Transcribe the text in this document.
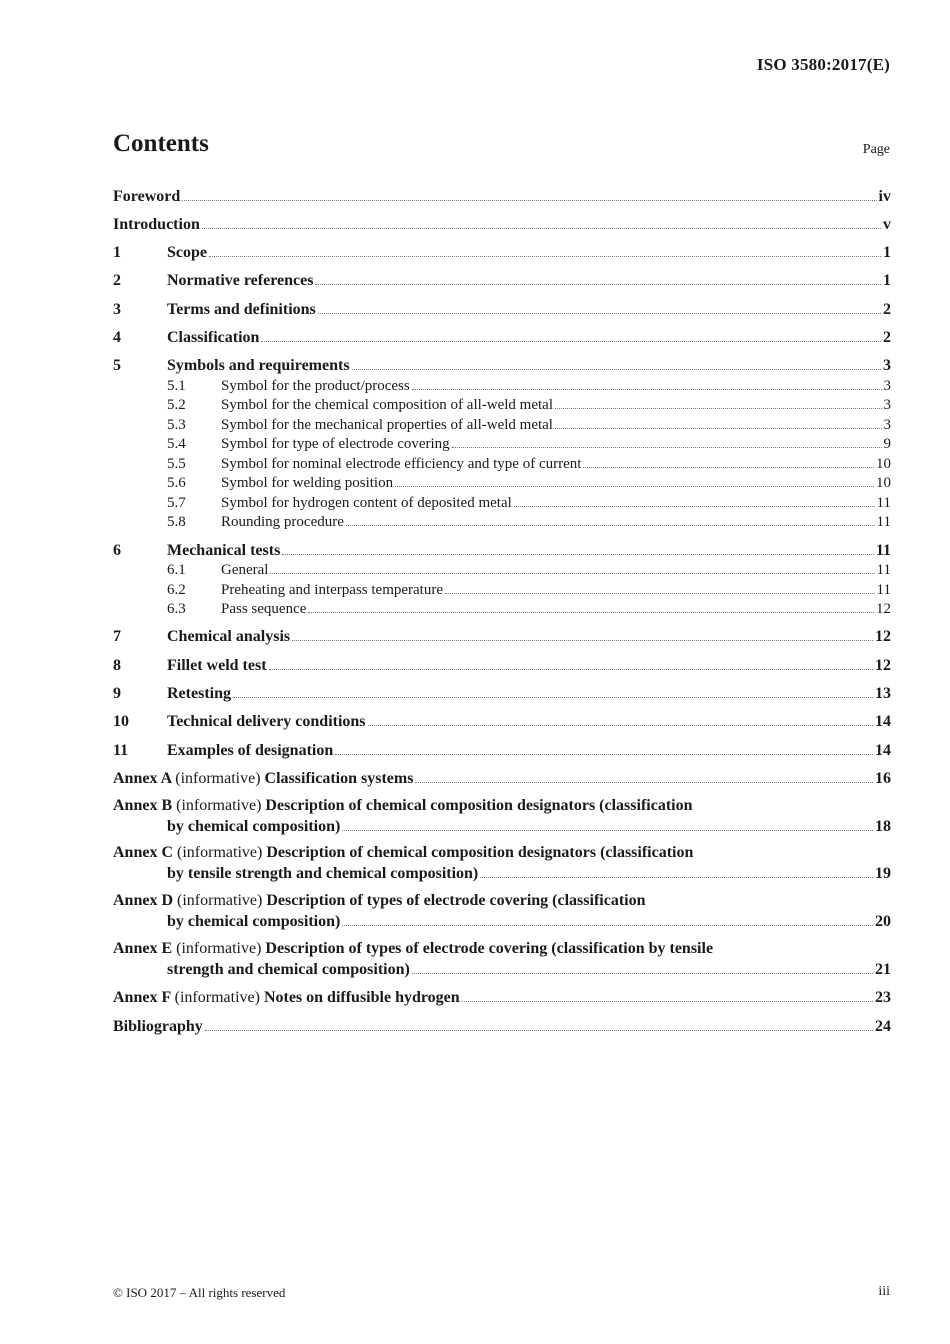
ISO 3580:2017(E)
Contents	Page
Foreword	iv
Introduction	v
1	Scope	1
2	Normative references	1
3	Terms and definitions	2
4	Classification	2
5	Symbols and requirements	3
5.1	Symbol for the product/process	3
5.2	Symbol for the chemical composition of all-weld metal	3
5.3	Symbol for the mechanical properties of all-weld metal	3
5.4	Symbol for type of electrode covering	9
5.5	Symbol for nominal electrode efficiency and type of current	10
5.6	Symbol for welding position	10
5.7	Symbol for hydrogen content of deposited metal	11
5.8	Rounding procedure	11
6	Mechanical tests	11
6.1	General	11
6.2	Preheating and interpass temperature	11
6.3	Pass sequence	12
7	Chemical analysis	12
8	Fillet weld test	12
9	Retesting	13
10	Technical delivery conditions	14
11	Examples of designation	14
Annex A (informative) Classification systems	16
Annex B (informative) Description of chemical composition designators (classification
by chemical composition)	18
Annex C (informative) Description of chemical composition designators (classification
by tensile strength and chemical composition)	19
Annex D (informative) Description of types of electrode covering (classification
by chemical composition)	20
Annex E (informative) Description of types of electrode covering (classification by tensile
strength and chemical composition)	21
Annex F (informative) Notes on diffusible hydrogen	23
Bibliography	24
© ISO 2017 – All rights reserved	iii
